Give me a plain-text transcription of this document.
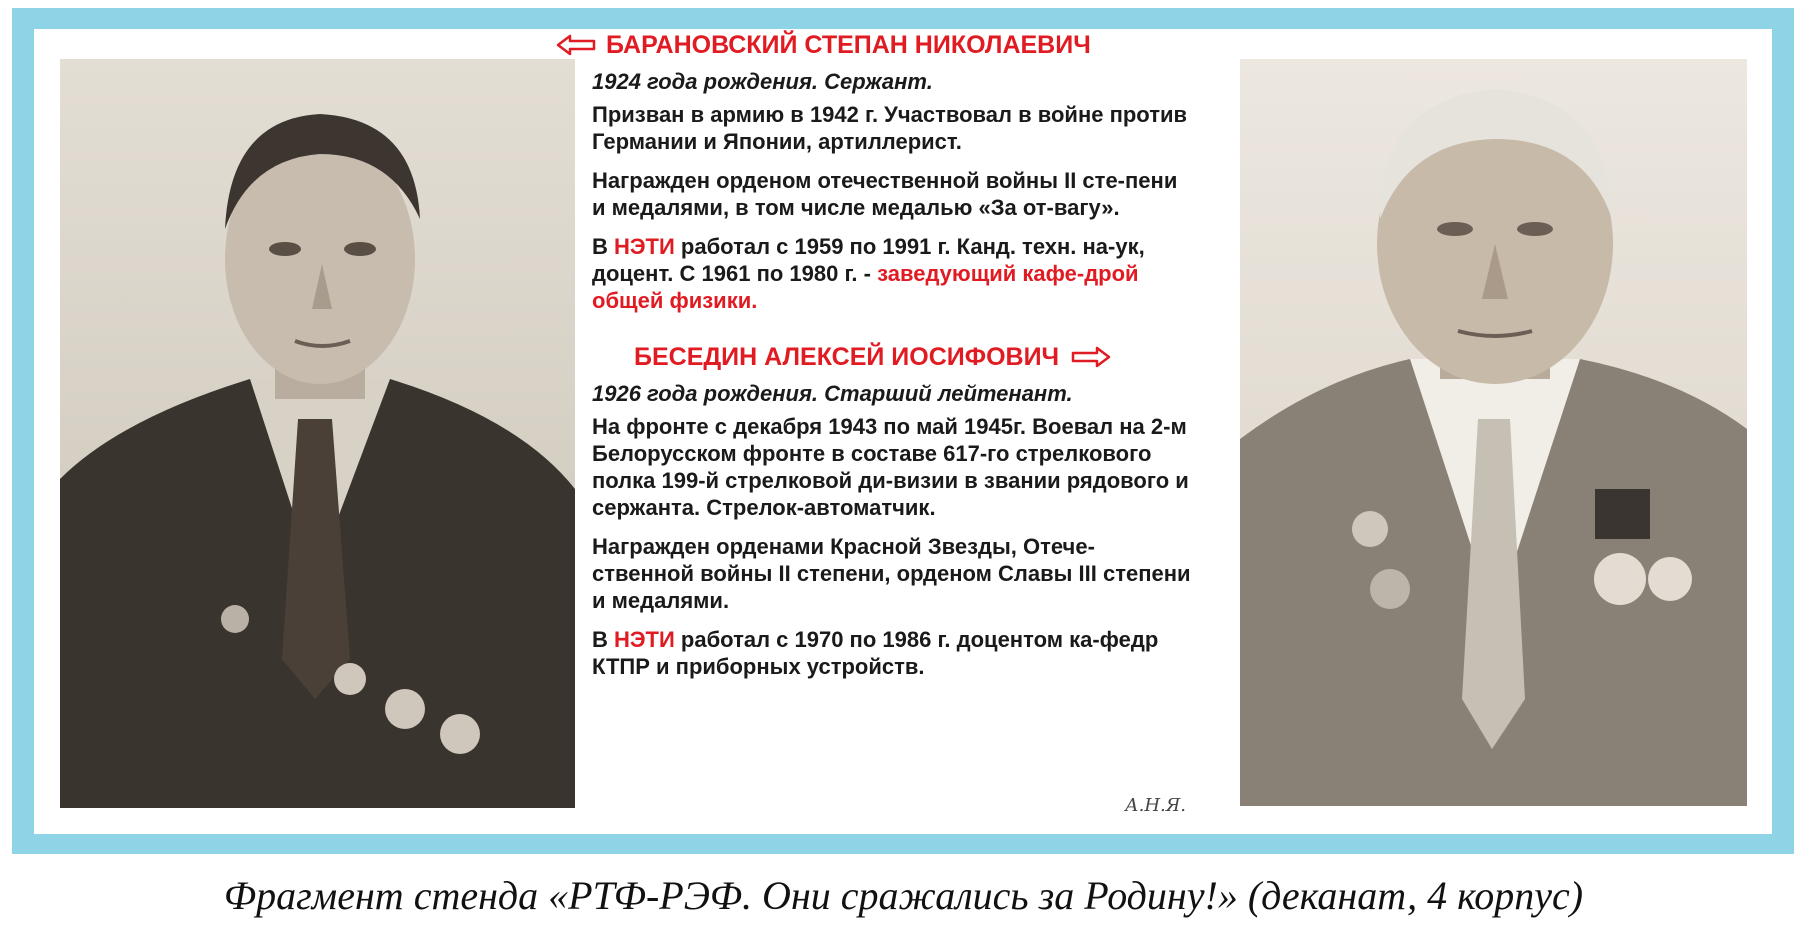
БАРАНОВСКИЙ СТЕПАН НИКОЛАЕВИЧ
1924 года рождения. Сержант.
Призван в армию в 1942 г. Участвовал в войне против Германии и Японии, артиллерист.
Награжден орденом отечественной войны II сте-пени и медалями, в том числе медалью «За от-вагу».
В НЭТИ работал с 1959 по 1991 г. Канд. техн. на-ук, доцент. С 1961 по 1980 г. - заведующий кафе-дрой общей физики.
БЕСЕДИН АЛЕКСЕЙ ИОСИФОВИЧ
1926 года рождения. Старший лейтенант.
На фронте с декабря 1943 по май 1945г. Воевал на 2-м Белорусском фронте в составе 617-го стрелкового полка 199-й стрелковой ди-визии в звании рядового и сержанта. Стрелок-автоматчик.
Награжден орденами Красной Звезды, Отече-ственной войны II степени, орденом Славы III степени и медалями.
В НЭТИ работал с 1970 по 1986 г. доцентом ка-федр КТПР и приборных устройств.
А.Н.Я.
Фрагмент стенда «РТФ-РЭФ. Они сражались за Родину!» (деканат, 4 корпус)
